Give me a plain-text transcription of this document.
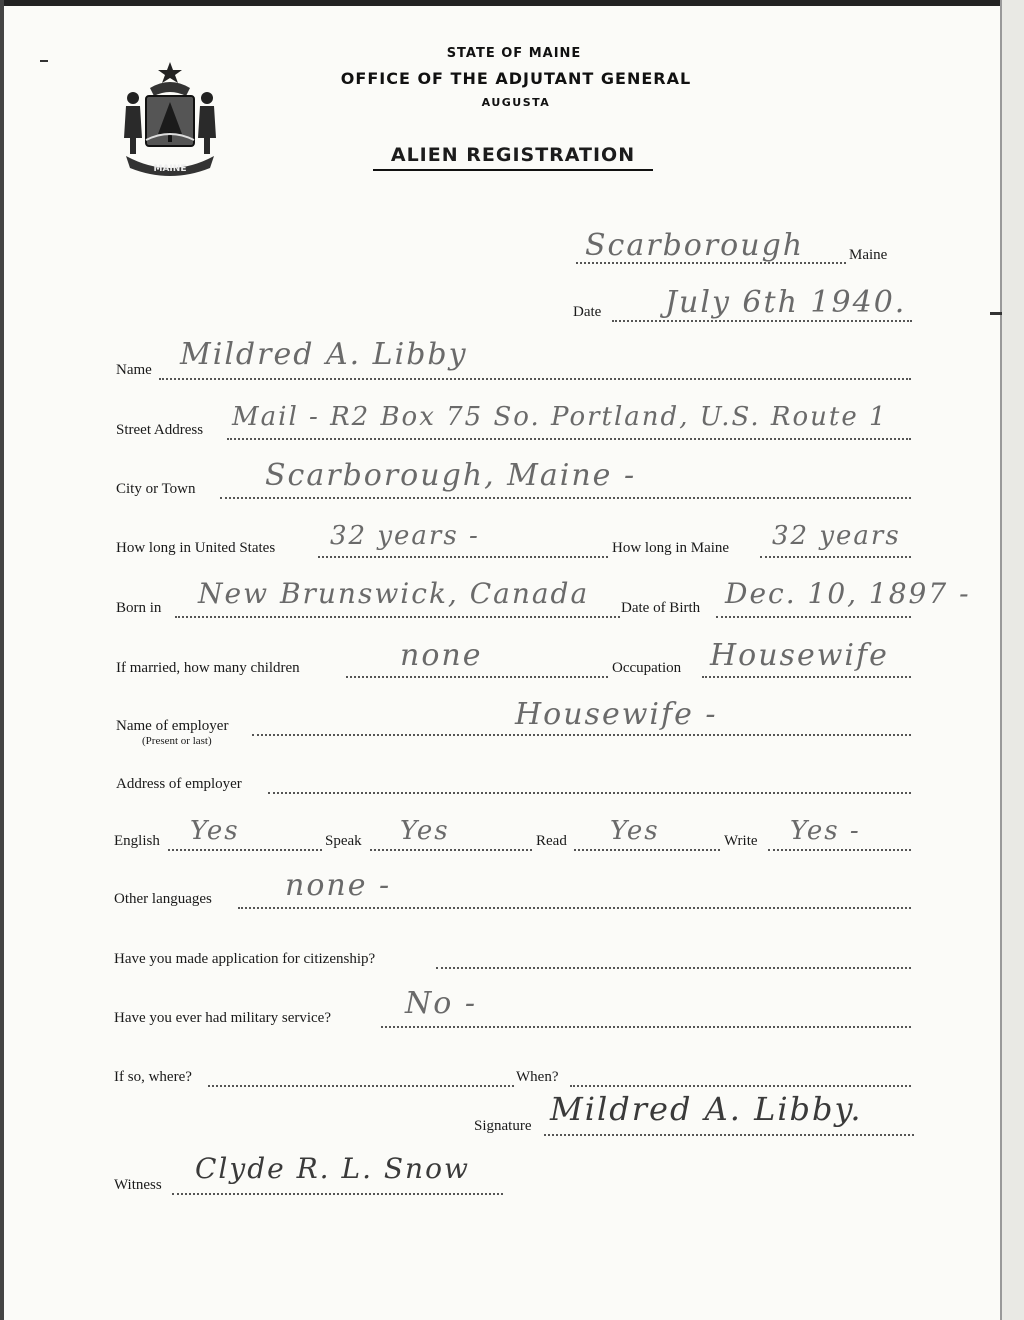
MAINE
STATE OF MAINE
OFFICE OF THE ADJUTANT GENERAL
AUGUSTA
ALIEN REGISTRATION
Scarborough	Maine
Date July 6th 1940.
Name Mildred A. Libby
Street Address Mail - R2 Box 75 So. Portland, U.S. Route 1
City or Town Scarborough, Maine -
How long in United States 32 years -	How long in Maine 32 years
Born in New Brunswick, Canada Date of Birth Dec. 10, 1897 -
If married, how many children	none	Occupation Housewife
Name of employer
(Present or last)
Housewife -
Address of employer
English Yes	Speak Yes	Read Yes	Write Yes -
Other languages none -
Have you made application for citizenship?
Have you ever had military service? No -
If so, where?	When?
Signature Mildred A. Libby.
Witness Clyde R. L. Snow
